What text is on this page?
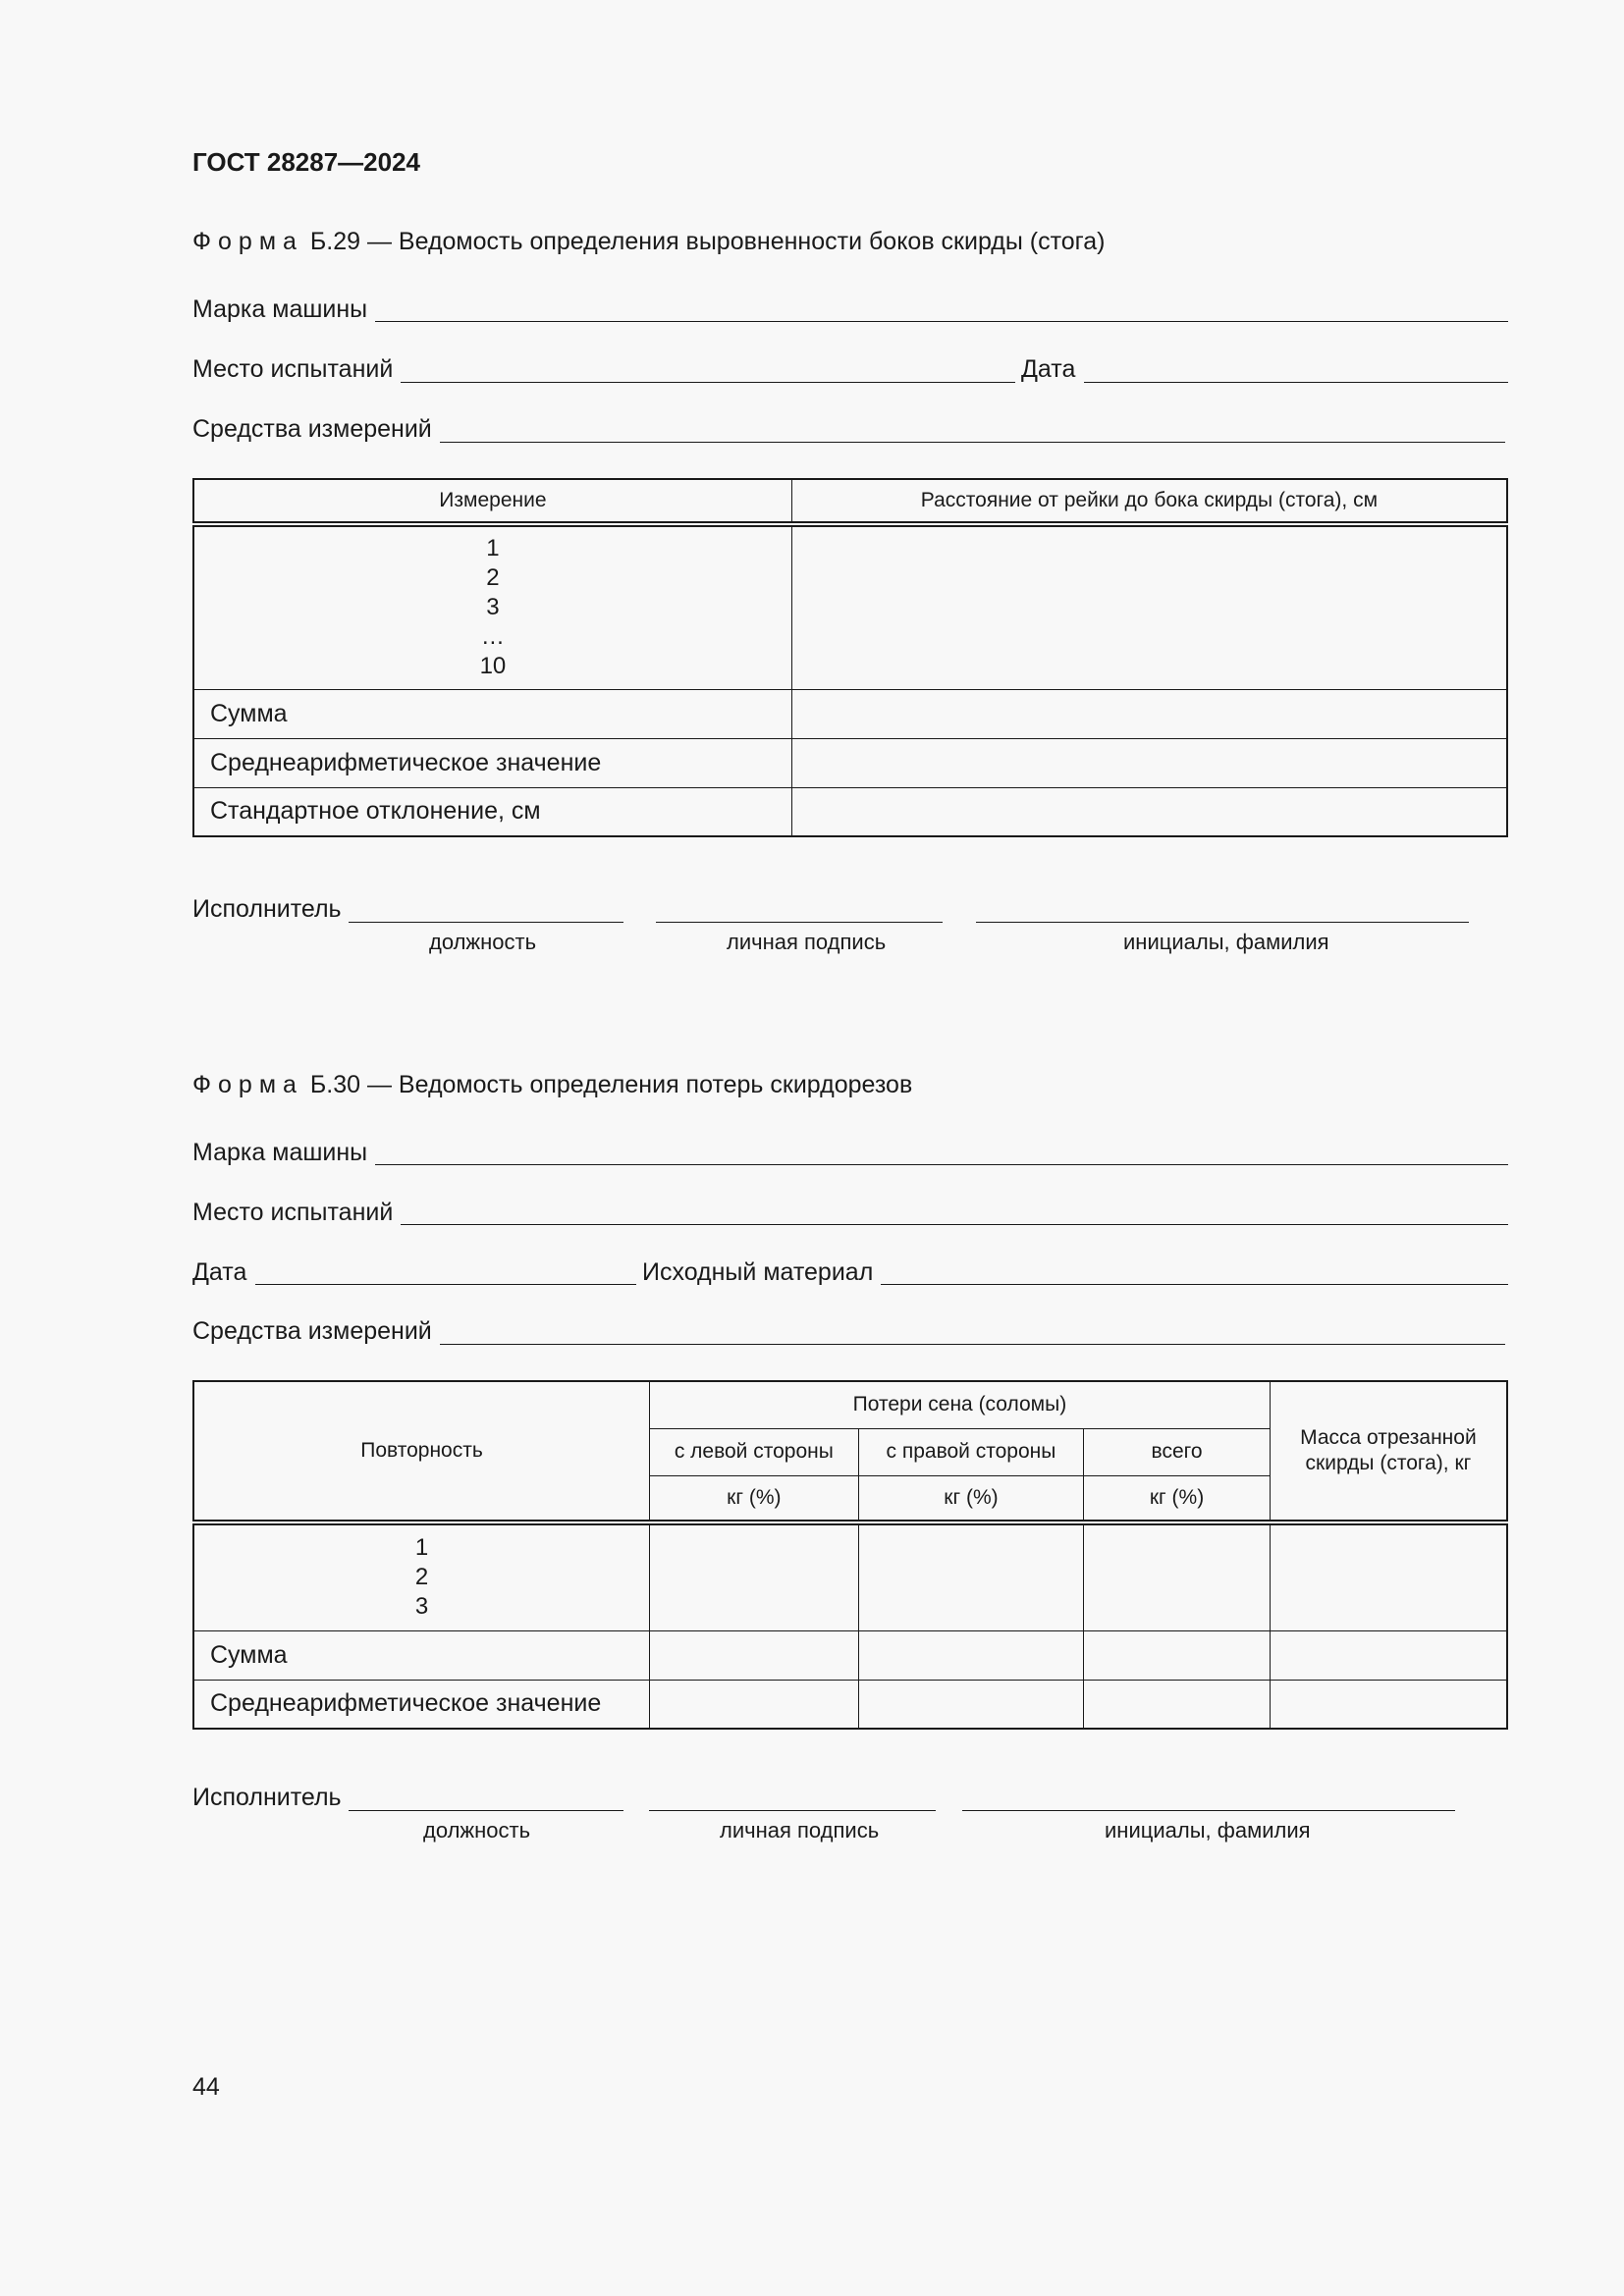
ГОСТ 28287—2024
Форма Б.29 — Ведомость определения выровненности боков скирды (стога)
Марка машины
Место испытаний	Дата
Средства измерений
Измерение	Расстояние от рейки до бока скирды (стога), см

1
2
3
…
10	

Сумма	
Среднеарифметическое значение	
Стандартное отклонение, см	
Исполнитель
должность	личная подпись	инициалы, фамилия
Форма Б.30 — Ведомость определения потерь скирдорезов
Марка машины
Место испытаний
Дата	Исходный материал
Средства измерений
Повторность	Потери сена (соломы)			Масса отрезанной скирды (стога), кг
	с левой стороны	с правой стороны	всего	
	кг (%)	кг (%)	кг (%)	

1
2
3				

Сумма				
Среднеарифметическое значение				
Исполнитель
должность	личная подпись	инициалы, фамилия
44
